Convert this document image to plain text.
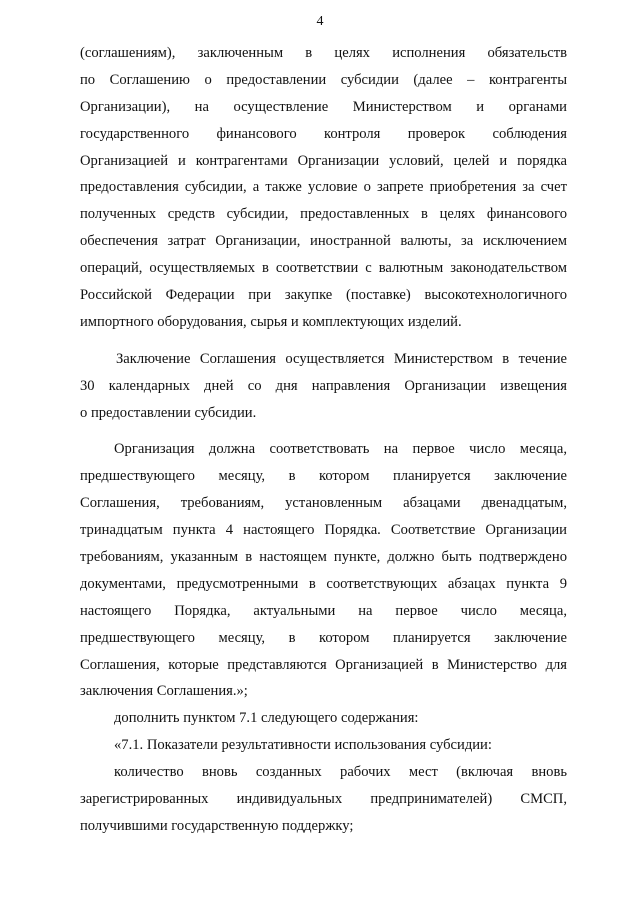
4
(соглашениям), заключенным в целях исполнения обязательств
по Соглашению о предоставлении субсидии (далее – контрагенты
Организации), на осуществление Министерством и органами
государственного финансового контроля проверок соблюдения
Организацией и контрагентами Организации условий, целей и порядка
предоставления субсидии, а также условие о запрете приобретения за счет
полученных средств субсидии, предоставленных в целях финансового
обеспечения затрат Организации, иностранной валюты, за исключением
операций, осуществляемых в соответствии с валютным законодательством
Российской Федерации при закупке (поставке) высокотехнологичного
импортного оборудования, сырья и комплектующих изделий.
Заключение Соглашения осуществляется Министерством в течение
30 календарных дней со дня направления Организации извещения
о предоставлении субсидии.
Организация должна соответствовать на первое число месяца,
предшествующего месяцу, в котором планируется заключение
Соглашения, требованиям, установленным абзацами двенадцатым,
тринадцатым пункта 4 настоящего Порядка. Соответствие Организации
требованиям, указанным в настоящем пункте, должно быть подтверждено
документами, предусмотренными в соответствующих абзацах пункта 9
настоящего Порядка, актуальными на первое число месяца,
предшествующего месяцу, в котором планируется заключение
Соглашения, которые представляются Организацией в Министерство для
заключения Соглашения.»;
дополнить пунктом 7.1 следующего содержания:
«7.1. Показатели результативности использования субсидии:
количество вновь созданных рабочих мест (включая вновь
зарегистрированных индивидуальных предпринимателей) СМСП,
получившими государственную поддержку;
